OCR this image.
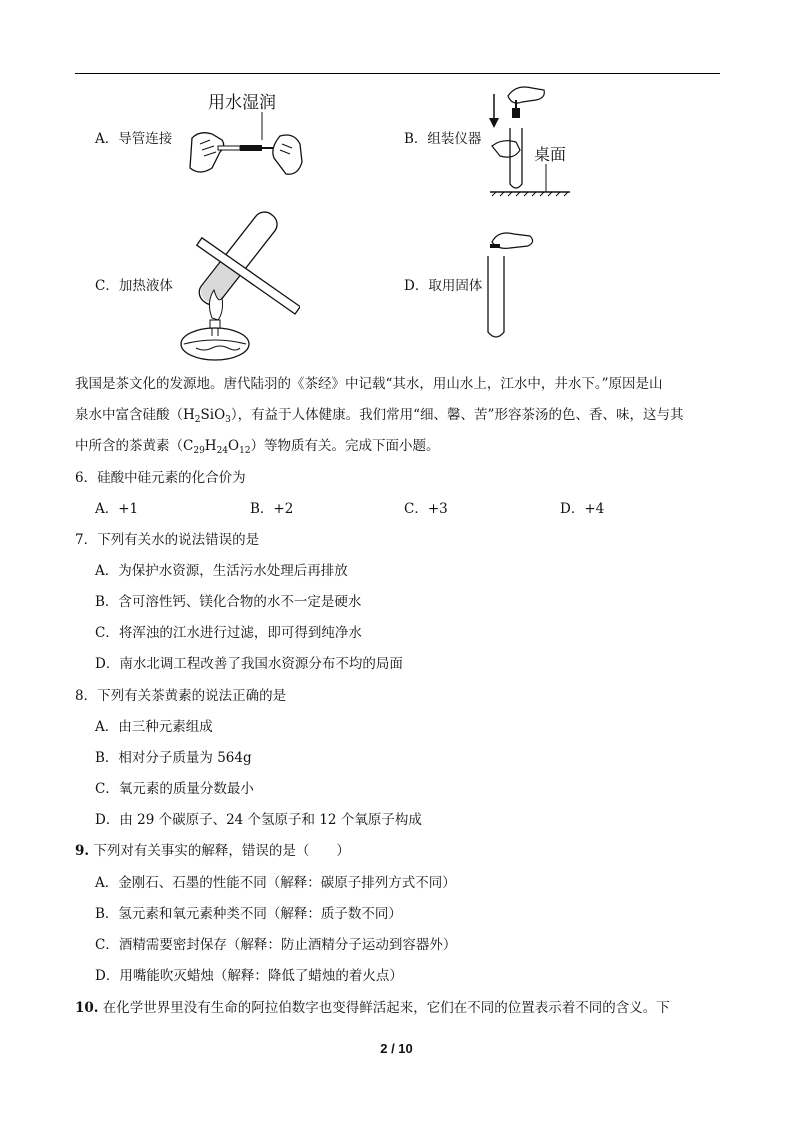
A．导管连接
用水湿润
B．组装仪器
桌面
C．加热液体	D．取用固体
我国是茶文化的发源地。唐代陆羽的《茶经》中记载“其水，用山水上，江水中，井水下。”原因是山
泉水中富含硅酸$(H_2SiO_3)$，有益于人体健康。我们常用“细、馨、苦”形容茶汤的色、香、味，这与其
中所含的茶黄素$(C_{29}H_{24}O_{12})$等物质有关。完成下面小题。
6．硅酸中硅元素的化合价为
A．+1	B．+2	C．+3	D．+4
7．下列有关水的说法错误的是
A．为保护水资源，生活污水处理后再排放
B．含可溶性钙、镁化合物的水不一定是硬水
C．将浑浊的江水进行过滤，即可得到纯净水
D．南水北调工程改善了我国水资源分布不均的局面
8．下列有关茶黄素的说法正确的是
A．由三种元素组成
B．相对分子质量为 564g
C．氧元素的质量分数最小
D．由 29 个碳原子、24 个氢原子和 12 个氧原子构成
9. 下列对有关事实的解释，错误的是（　　）
A．金刚石、石墨的性能不同（解释：碳原子排列方式不同）
B．氢元素和氧元素种类不同（解释：质子数不同）
C．酒精需要密封保存（解释：防止酒精分子运动到容器外）
D．用嘴能吹灭蜡烛（解释：降低了蜡烛的着火点）
10. 在化学世界里没有生命的阿拉伯数字也变得鲜活起来，它们在不同的位置表示着不同的含义。下
2 / 10
